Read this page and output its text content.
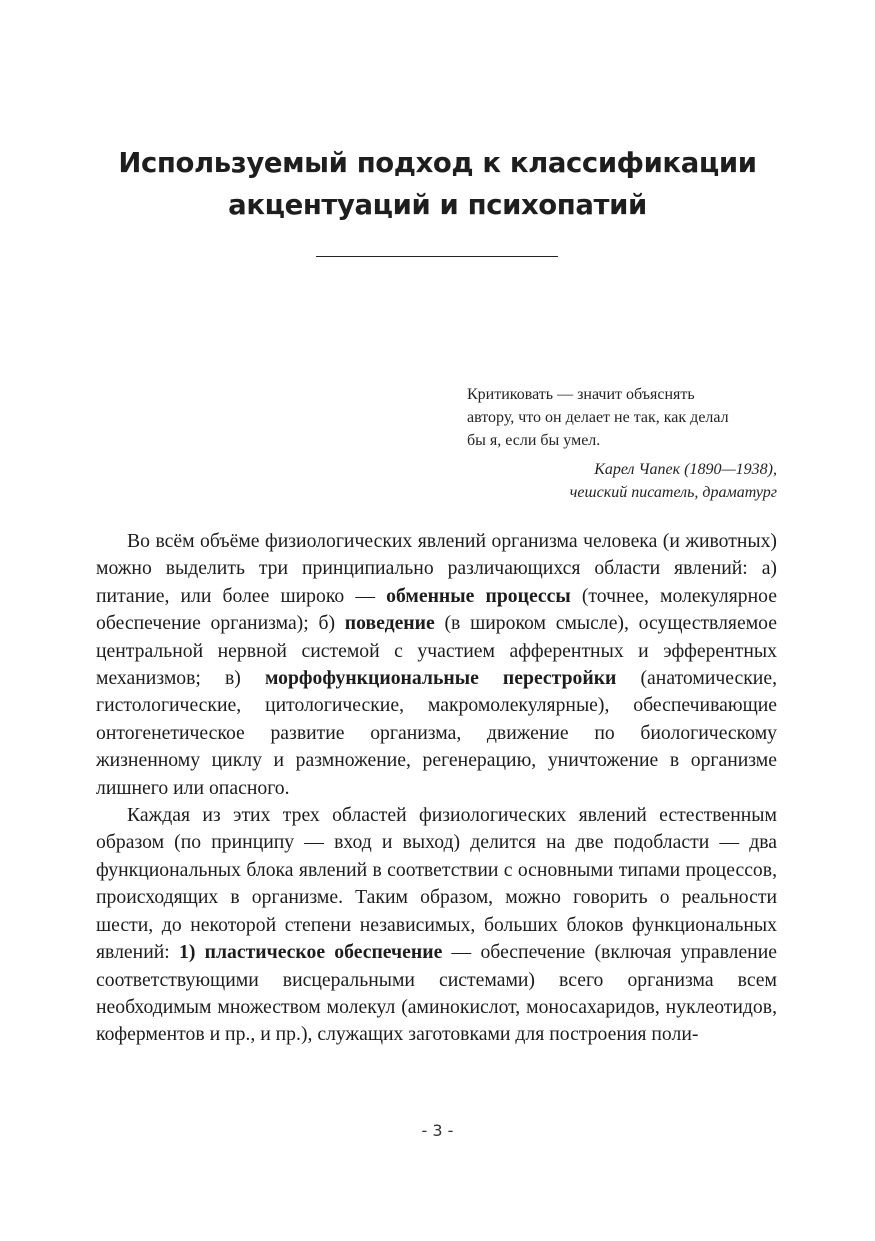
Используемый подход к классификации
акцентуаций и психопатий
Критиковать — значит объяснять
автору, что он делает не так, как делал
бы я, если бы умел.
Карел Чапек (1890—1938),
чешский писатель, драматург

Во всём объёме физиологических явлений организма человека (и животных) можно выделить три принципиально различающихся области явлений: а) питание, или более широко — обменные процессы (точнее, молекулярное обеспечение организма); б) поведение (в широком смысле), осуществляемое центральной нервной системой с участием афферентных и эфферентных механизмов; в) морфофункциональные перестройки (анатомические, гистологические, цитологические, макромолекулярные), обеспечивающие онтогенетическое развитие организма, движение по биологическому жизненному циклу и размножение, регенерацию, уничтожение в организме лишнего или опасного.

Каждая из этих трех областей физиологических явлений естественным образом (по принципу — вход и выход) делится на две подобласти — два функциональных блока явлений в соответствии с основными типами процессов, происходящих в организме. Таким образом, можно говорить о реальности шести, до некоторой степени независимых, больших блоков функциональных явлений: 1) пластическое обеспечение — обеспечение (включая управление соответствующими висцеральными системами) всего организма всем необходимым множеством молекул (аминокислот, моносахаридов, нуклеотидов, коферментов и пр., и пр.), служащих заготовками для построения поли-

- 3 -
